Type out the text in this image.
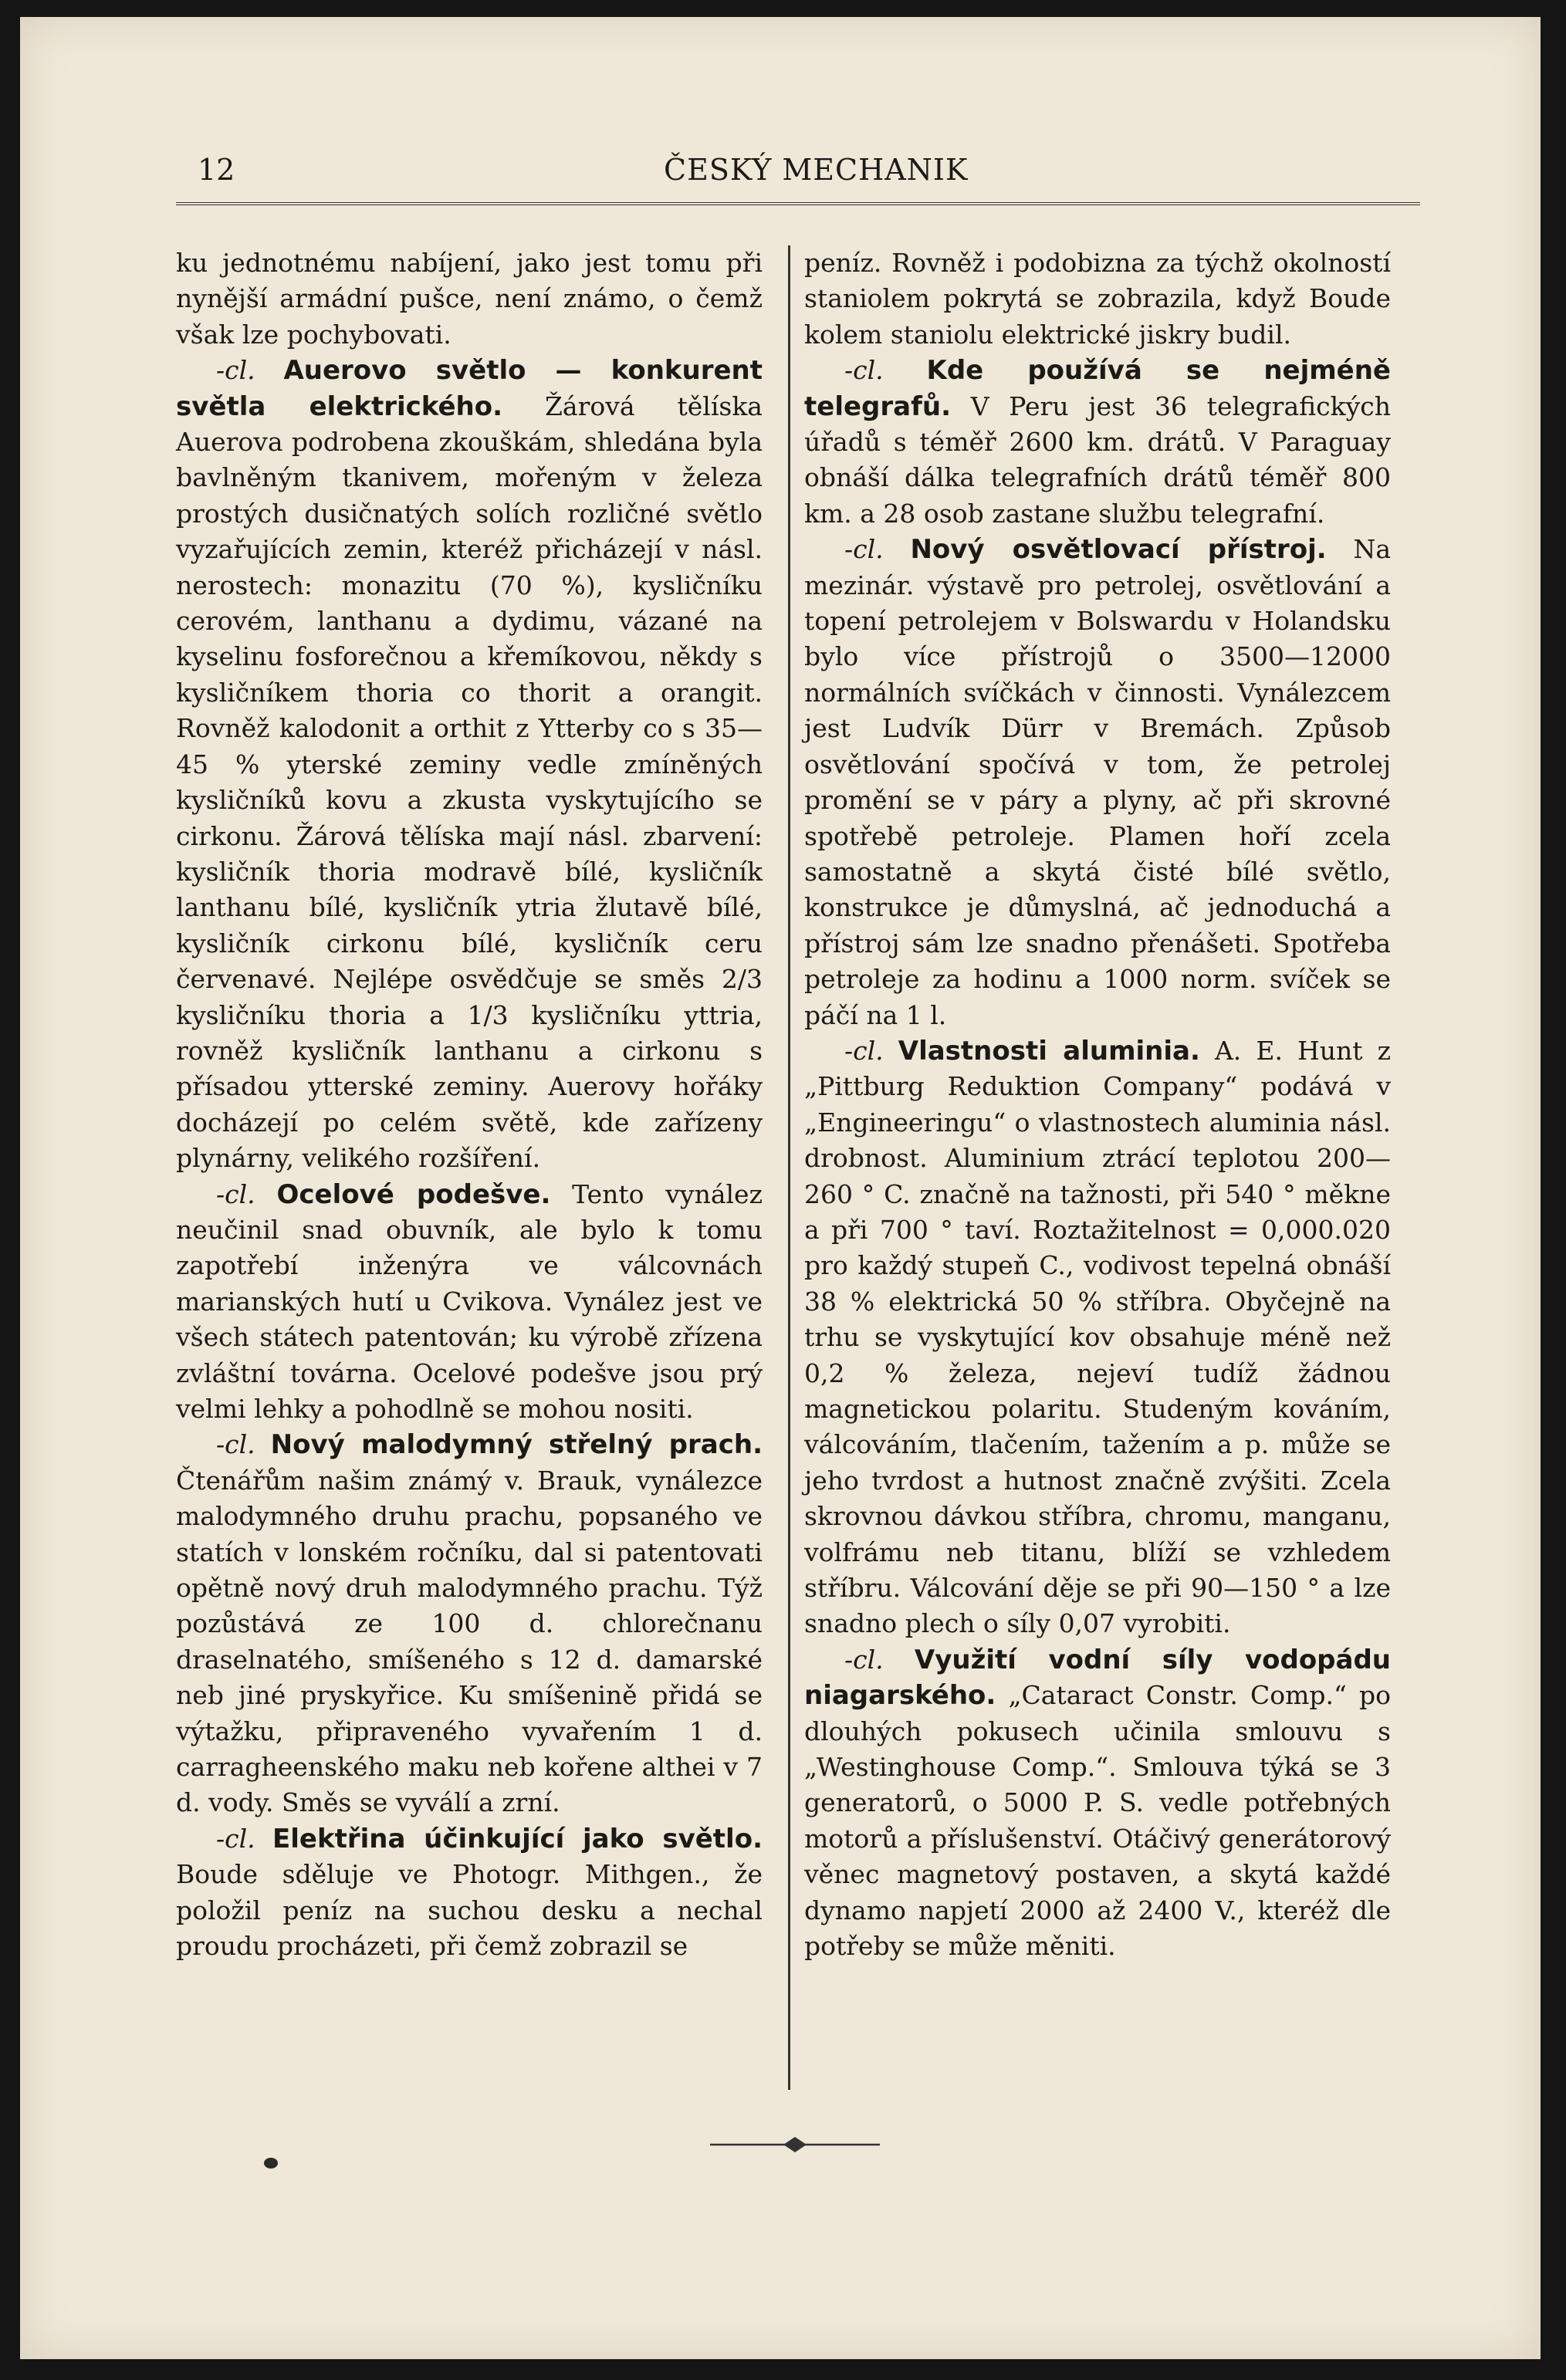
12	ČESKÝ MECHANIK

ku jednotnému nabíjení, jako jest tomu při nynější armádní pušce, není známo, o čemž však lze pochybovati.

-cl. Auerovo světlo — konkurent světla elektrického. Žárová tělíska Auerova podrobena zkouškám, shledána byla bavlněným tkanivem, mořeným v železa prostých dusičnatých solích rozličné světlo vyzařujících zemin, kteréž přicházejí v násl. nerostech: monazitu (70 %), kysličníku cerovém, lanthanu a dydimu, vázané na kyselinu fosforečnou a křemíkovou, někdy s kysličníkem thoria co thorit a orangit. Rovněž kalodonit a orthit z Ytterby co s 35—45 % yterské zeminy vedle zmíněných kysličníků kovu a zkusta vyskytujícího se cirkonu. Žárová tělíska mají násl. zbarvení: kysličník thoria modravě bílé, kysličník lanthanu bílé, kysličník ytria žlutavě bílé, kysličník cirkonu bílé, kysličník ceru červenavé. Nejlépe osvědčuje se směs 2/3 kysličníku thoria a 1/3 kysličníku yttria, rovněž kysličník lanthanu a cirkonu s přísadou ytterské zeminy. Auerovy hořáky docházejí po celém světě, kde zařízeny plynárny, velikého rozšíření.

-cl. Ocelové podešve. Tento vynález neučinil snad obuvník, ale bylo k tomu zapotřebí inženýra ve válcovnách marianských hutí u Cvikova. Vynález jest ve všech státech patentován; ku výrobě zřízena zvláštní továrna. Ocelové podešve jsou prý velmi lehky a pohodlně se mohou nositi.

-cl. Nový malodymný střelný prach. Čtenářům našim známý v. Brauk, vynálezce malodymného druhu prachu, popsaného ve statích v lonském ročníku, dal si patentovati opětně nový druh malodymného prachu. Týž pozůstává ze 100 d. chlorečnanu draselnatého, smíšeného s 12 d. damarské neb jiné pryskyřice. Ku smíšenině přidá se výtažku, připraveného vyvařením 1 d. carragheenského maku neb kořene althei v 7 d. vody. Směs se vyválí a zrní.

-cl. Elektřina účinkující jako světlo. Boude sděluje ve Photogr. Mithgen., že položil peníz na suchou desku a nechal proudu procházeti, při čemž zobrazil se

peníz. Rovněž i podobizna za týchž okolností staniolem pokrytá se zobrazila, když Boude kolem staniolu elektrické jiskry budil.

-cl. Kde používá se nejméně telegrafů. V Peru jest 36 telegrafických úřadů s téměř 2600 km. drátů. V Paraguay obnáší dálka telegrafních drátů téměř 800 km. a 28 osob zastane službu telegrafní.

-cl. Nový osvětlovací přístroj. Na mezinár. výstavě pro petrolej, osvětlování a topení petrolejem v Bolswardu v Holandsku bylo více přístrojů o 3500—12000 normálních svíčkách v činnosti. Vynálezcem jest Ludvík Dürr v Bremách. Způsob osvětlování spočívá v tom, že petrolej promění se v páry a plyny, ač při skrovné spotřebě petroleje. Plamen hoří zcela samostatně a skytá čisté bílé světlo, konstrukce je důmyslná, ač jednoduchá a přístroj sám lze snadno přenášeti. Spotřeba petroleje za hodinu a 1000 norm. svíček se páčí na 1 l.

-cl. Vlastnosti aluminia. A. E. Hunt z „Pittburg Reduktion Company“ podává v „Engineeringu“ o vlastnostech aluminia násl. drobnost. Aluminium ztrácí teplotou 200—260 ° C. značně na tažnosti, při 540 ° měkne a při 700 ° taví. Roztažitelnost = 0,000.020 pro každý stupeň C., vodivost tepelná obnáší 38 % elektrická 50 % stříbra. Obyčejně na trhu se vyskytující kov obsahuje méně než 0,2 % železa, nejeví tudíž žádnou magnetickou polaritu. Studeným kováním, válcováním, tlačením, tažením a p. může se jeho tvrdost a hutnost značně zvýšiti. Zcela skrovnou dávkou stříbra, chromu, manganu, volfrámu neb titanu, blíží se vzhledem stříbru. Válcování děje se při 90—150 ° a lze snadno plech o síly 0,07 vyrobiti.

-cl. Využití vodní síly vodopádu niagarského. „Cataract Constr. Comp.“ po dlouhých pokusech učinila smlouvu s „Westinghouse Comp.“. Smlouva týká se 3 generatorů, o 5000 P. S. vedle potřebných motorů a příslušenství. Otáčivý generátorový věnec magnetový postaven, a skytá každé dynamo napjetí 2000 až 2400 V., kteréž dle potřeby se může měniti.
